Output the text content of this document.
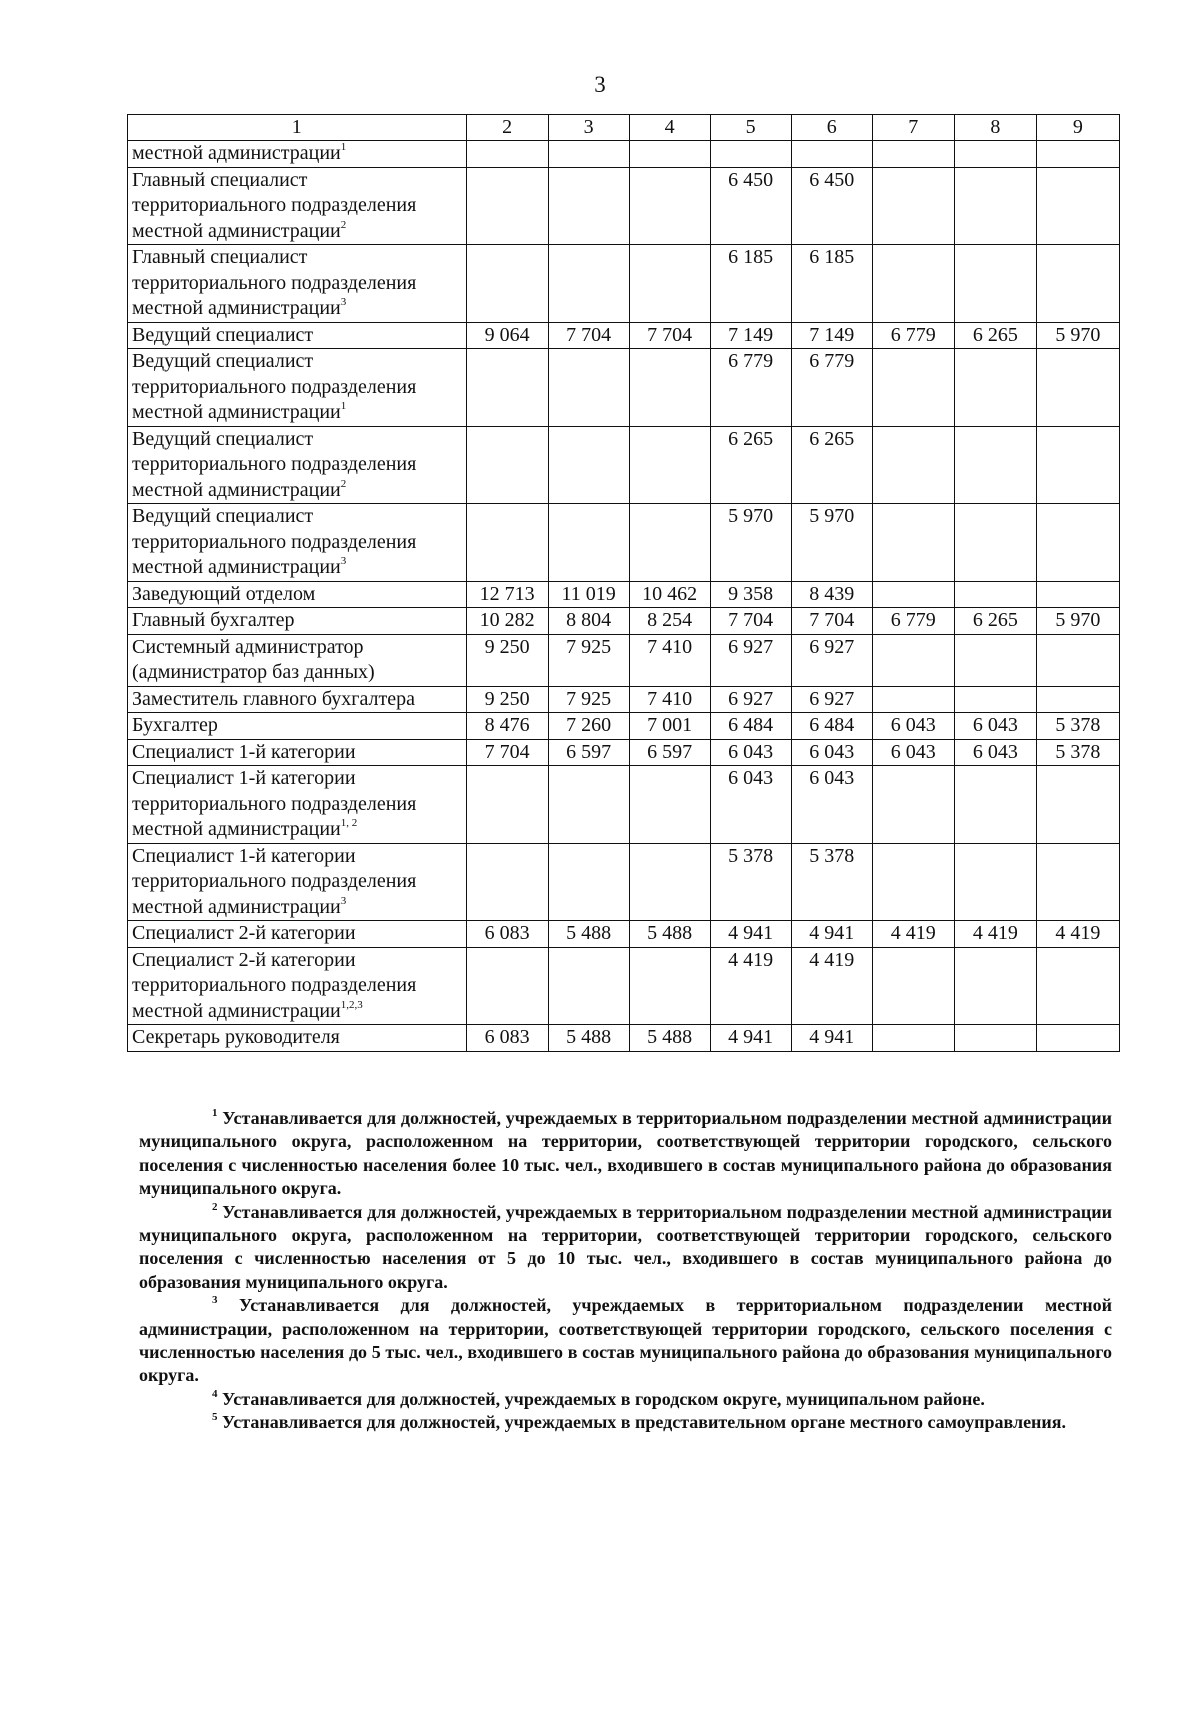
3
1	2	3	4	5	6	7	8	9
местной администрации$^1$								
Главный специалист территориального подразделения местной администрации$^2$				6 450	6 450			
Главный специалист территориального подразделения местной администрации$^3$				6 185	6 185			
Ведущий специалист	9 064	7 704	7 704	7 149	7 149	6 779	6 265	5 970
Ведущий специалист территориального подразделения местной администрации$^1$				6 779	6 779			
Ведущий специалист территориального подразделения местной администрации$^2$				6 265	6 265			
Ведущий специалист территориального подразделения местной администрации$^3$				5 970	5 970			
Заведующий отделом	12 713	11 019	10 462	9 358	8 439			
Главный бухгалтер	10 282	8 804	8 254	7 704	7 704	6 779	6 265	5 970
Системный администратор (администратор баз данных)	9 250	7 925	7 410	6 927	6 927			
Заместитель главного бухгалтера	9 250	7 925	7 410	6 927	6 927			
Бухгалтер	8 476	7 260	7 001	6 484	6 484	6 043	6 043	5 378
Специалист 1-й категории	7 704	6 597	6 597	6 043	6 043	6 043	6 043	5 378
Специалист 1-й категории территориального подразделения местной администрации$^{1, 2}$				6 043	6 043			
Специалист 1-й категории территориального подразделения местной администрации$^3$				5 378	5 378			
Специалист 2-й категории	6 083	5 488	5 488	4 941	4 941	4 419	4 419	4 419
Специалист 2-й категории территориального подразделения местной администрации$^{1,2,3}$				4 419	4 419			
Секретарь руководителя	6 083	5 488	5 488	4 941	4 941			

$^1$ Устанавливается для должностей, учреждаемых в территориальном подразделении местной администрации муниципального округа, расположенном на территории, соответствующей территории городского, сельского поселения с численностью населения более 10 тыс. чел., входившего в состав муниципального района до образования муниципального округа.

$^2$ Устанавливается для должностей, учреждаемых в территориальном подразделении местной администрации муниципального округа, расположенном на территории, соответствующей территории городского, сельского поселения с численностью населения от 5 до 10 тыс. чел., входившего в состав муниципального района до образования муниципального округа.

$^3$ Устанавливается для должностей, учреждаемых в территориальном подразделении местной администрации, расположенном на территории, соответствующей территории городского, сельского поселения с численностью населения до 5 тыс. чел., входившего в состав муниципального района до образования муниципального округа.

$^4$ Устанавливается для должностей, учреждаемых в городском округе, муниципальном районе.

$^5$ Устанавливается для должностей, учреждаемых в представительном органе местного самоуправления.
